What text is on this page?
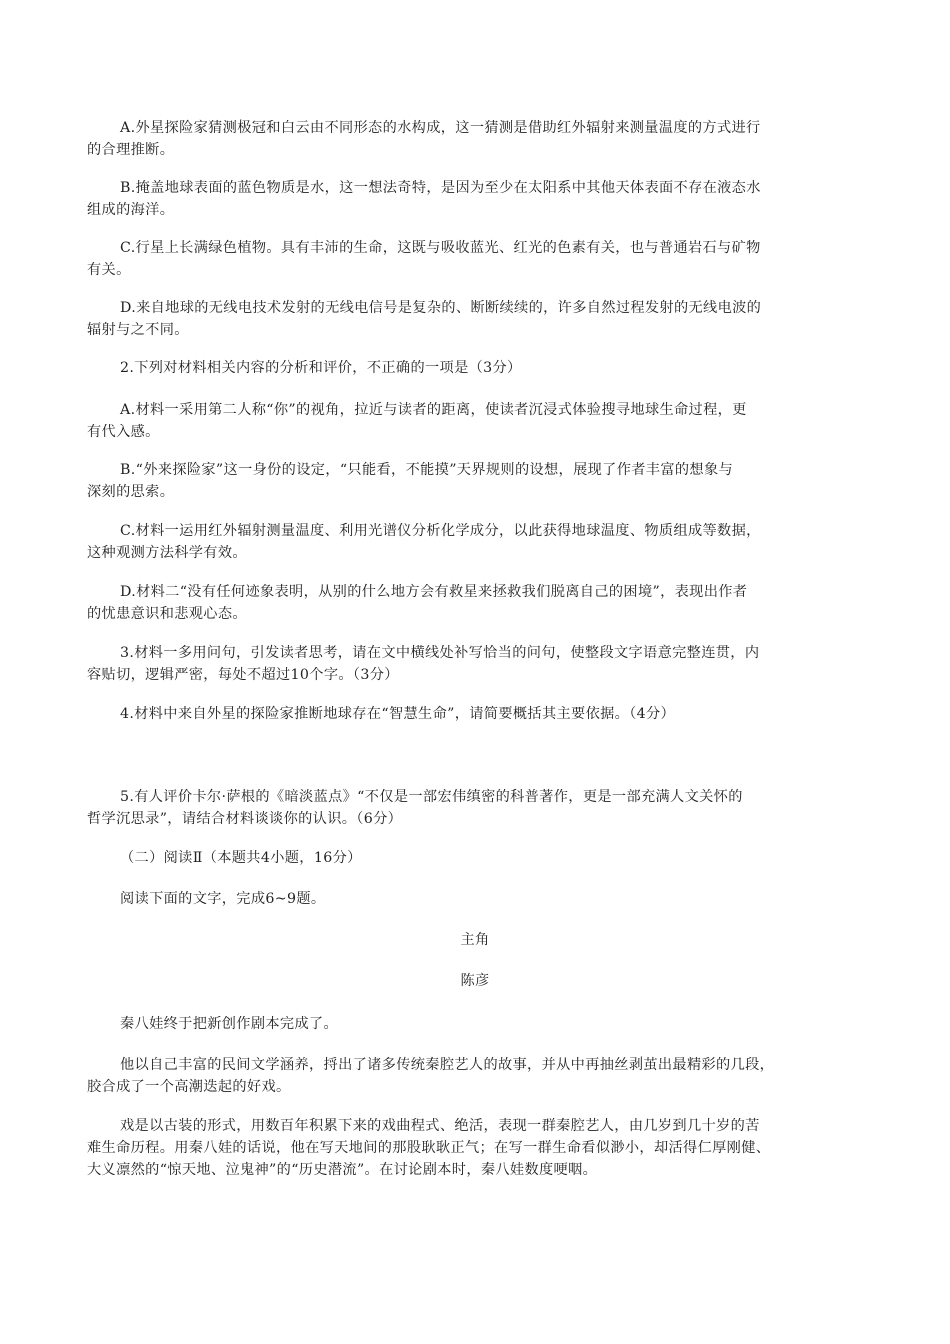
A.外星探险家猜测极冠和白云由不同形态的水构成，这一猜测是借助红外辐射来测量温度的方式进行
的合理推断。

B.掩盖地球表面的蓝色物质是水，这一想法奇特，是因为至少在太阳系中其他天体表面不存在液态水
组成的海洋。

C.行星上长满绿色植物。具有丰沛的生命，这既与吸收蓝光、红光的色素有关，也与普通岩石与矿物
有关。

D.来自地球的无线电技术发射的无线电信号是复杂的、断断续续的，许多自然过程发射的无线电波的
辐射与之不同。

2.下列对材料相关内容的分析和评价，不正确的一项是（3分）

A.材料一采用第二人称“你”的视角，拉近与读者的距离，使读者沉浸式体验搜寻地球生命过程，更
有代入感。

B.“外来探险家”这一身份的设定，“只能看，不能摸”天界规则的设想，展现了作者丰富的想象与
深刻的思索。

C.材料一运用红外辐射测量温度、利用光谱仪分析化学成分，以此获得地球温度、物质组成等数据，
这种观测方法科学有效。

D.材料二“没有任何迹象表明，从别的什么地方会有救星来拯救我们脱离自己的困境”，表现出作者
的忧患意识和悲观心态。

3.材料一多用问句，引发读者思考，请在文中横线处补写恰当的问句，使整段文字语意完整连贯，内
容贴切，逻辑严密，每处不超过10个字。（3分）

4.材料中来自外星的探险家推断地球存在“智慧生命”，请简要概括其主要依据。（4分）

5.有人评价卡尔·萨根的《暗淡蓝点》“不仅是一部宏伟缜密的科普著作，更是一部充满人文关怀的
哲学沉思录”，请结合材料谈谈你的认识。（6分）

（二）阅读Ⅱ（本题共4小题，16分）

阅读下面的文字，完成6~9题。

主角

陈彦

秦八娃终于把新创作剧本完成了。

他以自己丰富的民间文学涵养，捋出了诸多传统秦腔艺人的故事，并从中再抽丝剥茧出最精彩的几段，
胶合成了一个高潮迭起的好戏。

戏是以古装的形式，用数百年积累下来的戏曲程式、绝活，表现一群秦腔艺人，由几岁到几十岁的苦
难生命历程。用秦八娃的话说，他在写天地间的那股耿耿正气；在写一群生命看似渺小，却活得仁厚刚健、
大义凛然的“惊天地、泣鬼神”的“历史潜流”。在讨论剧本时，秦八娃数度哽咽。
